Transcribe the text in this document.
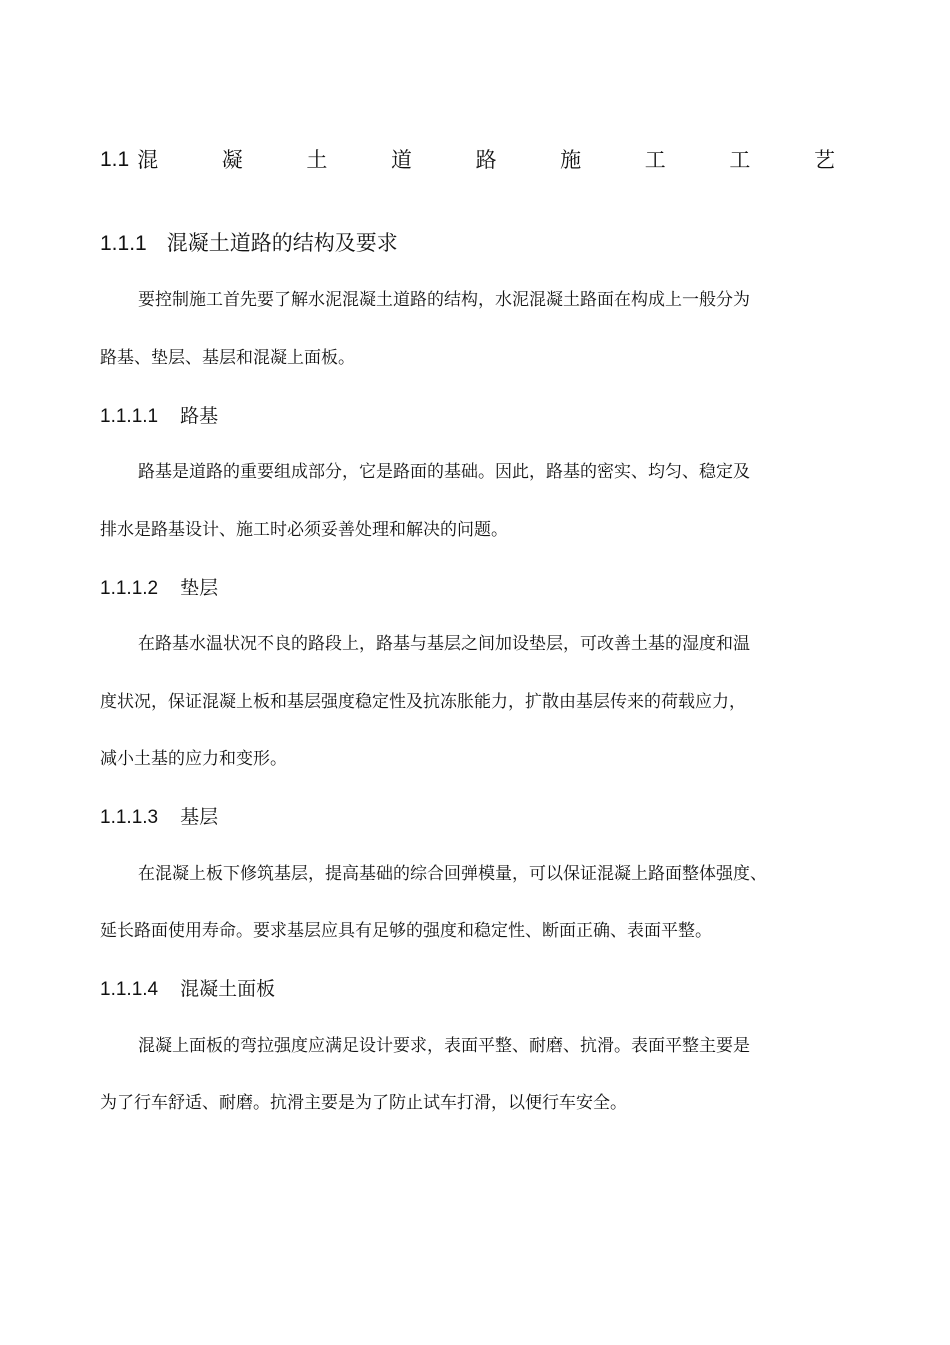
1.1 混	凝	土	道	路	施	工	工	艺
1.1.1 混凝土道路的结构及要求
要控制施工首先要了解水泥混凝土道路的结构，水泥混凝土路面在构成上一般分为
路基、垫层、基层和混凝上面板。
1.1.1.1 路基
路基是道路的重要组成部分，它是路面的基础。因此，路基的密实、均匀、稳定及
排水是路基设计、施工时必须妥善处理和解决的问题。
1.1.1.2 垫层
在路基水温状况不良的路段上，路基与基层之间加设垫层，可改善土基的湿度和温
度状况，保证混凝上板和基层强度稳定性及抗冻胀能力，扩散由基层传来的荷载应力，
减小土基的应力和变形。
1.1.1.3 基层
在混凝上板下修筑基层，提高基础的综合回弹模量，可以保证混凝上路面整体强度、
延长路面使用寿命。要求基层应具有足够的强度和稳定性、断面正确、表面平整。
1.1.1.4 混凝土面板
混凝上面板的弯拉强度应满足设计要求，表面平整、耐磨、抗滑。表面平整主要是
为了行车舒适、耐磨。抗滑主要是为了防止试车打滑，以便行车安全。
